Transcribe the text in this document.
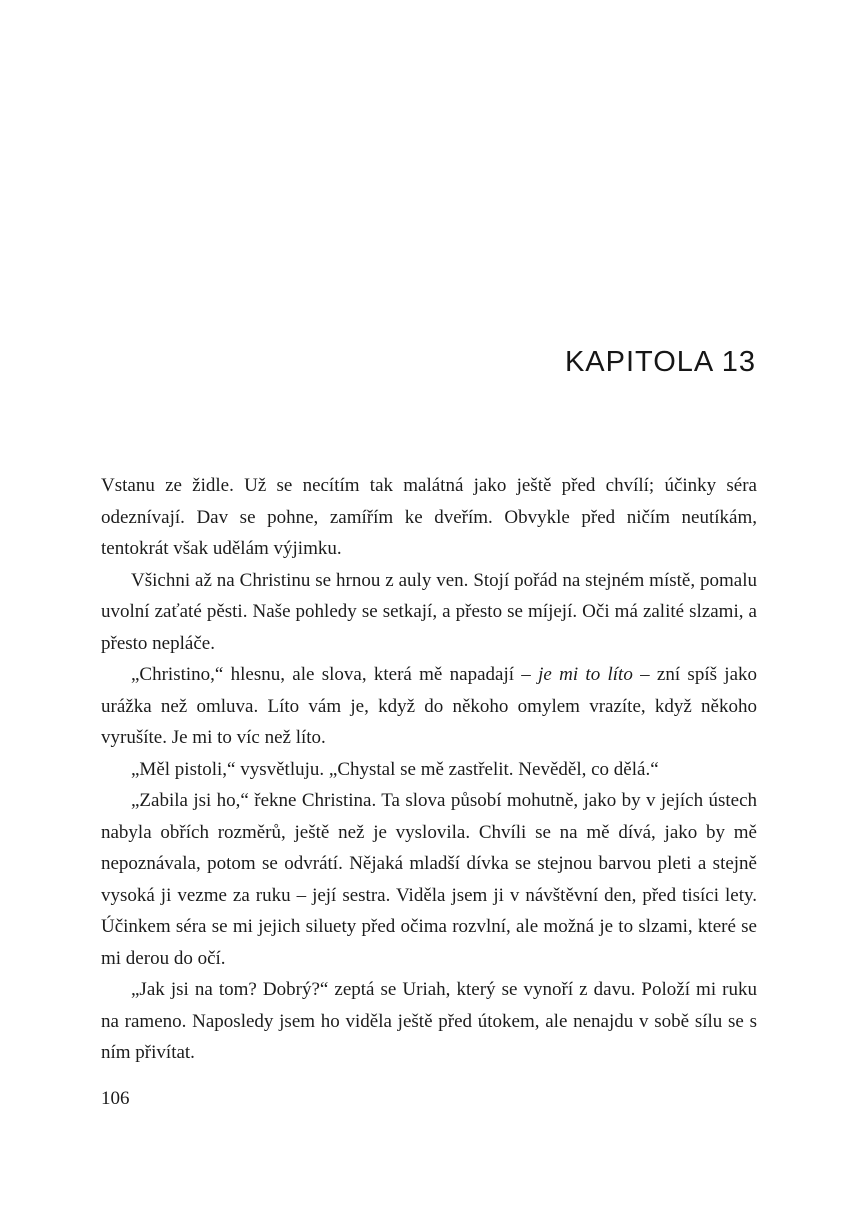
KAPITOLA 13

Vstanu ze židle. Už se necítím tak malátná jako ještě před chvílí; účinky séra odeznívají. Dav se pohne, zamířím ke dveřím. Obvykle před ničím neutíkám, tentokrát však udělám výjimku.

Všichni až na Christinu se hrnou z auly ven. Stojí pořád na stejném místě, pomalu uvolní zaťaté pěsti. Naše pohledy se setkají, a přesto se míjejí. Oči má zalité slzami, a přesto nepláče.

„Christino,“ hlesnu, ale slova, která mě napadají – je mi to líto – zní spíš jako urážka než omluva. Líto vám je, když do někoho omylem vrazíte, když někoho vyrušíte. Je mi to víc než líto.

„Měl pistoli,“ vysvětluju. „Chystal se mě zastřelit. Nevěděl, co dělá.“

„Zabila jsi ho,“ řekne Christina. Ta slova působí mohutně, jako by v jejích ústech nabyla obřích rozměrů, ještě než je vyslovila. Chvíli se na mě dívá, jako by mě nepoznávala, potom se odvrátí. Nějaká mladší dívka se stejnou barvou pleti a stejně vysoká ji vezme za ruku – její sestra. Viděla jsem ji v návštěvní den, před tisíci lety. Účinkem séra se mi jejich siluety před očima rozvlní, ale možná je to slzami, které se mi derou do očí.

„Jak jsi na tom? Dobrý?“ zeptá se Uriah, který se vynoří z davu. Položí mi ruku na rameno. Naposledy jsem ho viděla ještě před útokem, ale nenajdu v sobě sílu se s ním přivítat.

106
